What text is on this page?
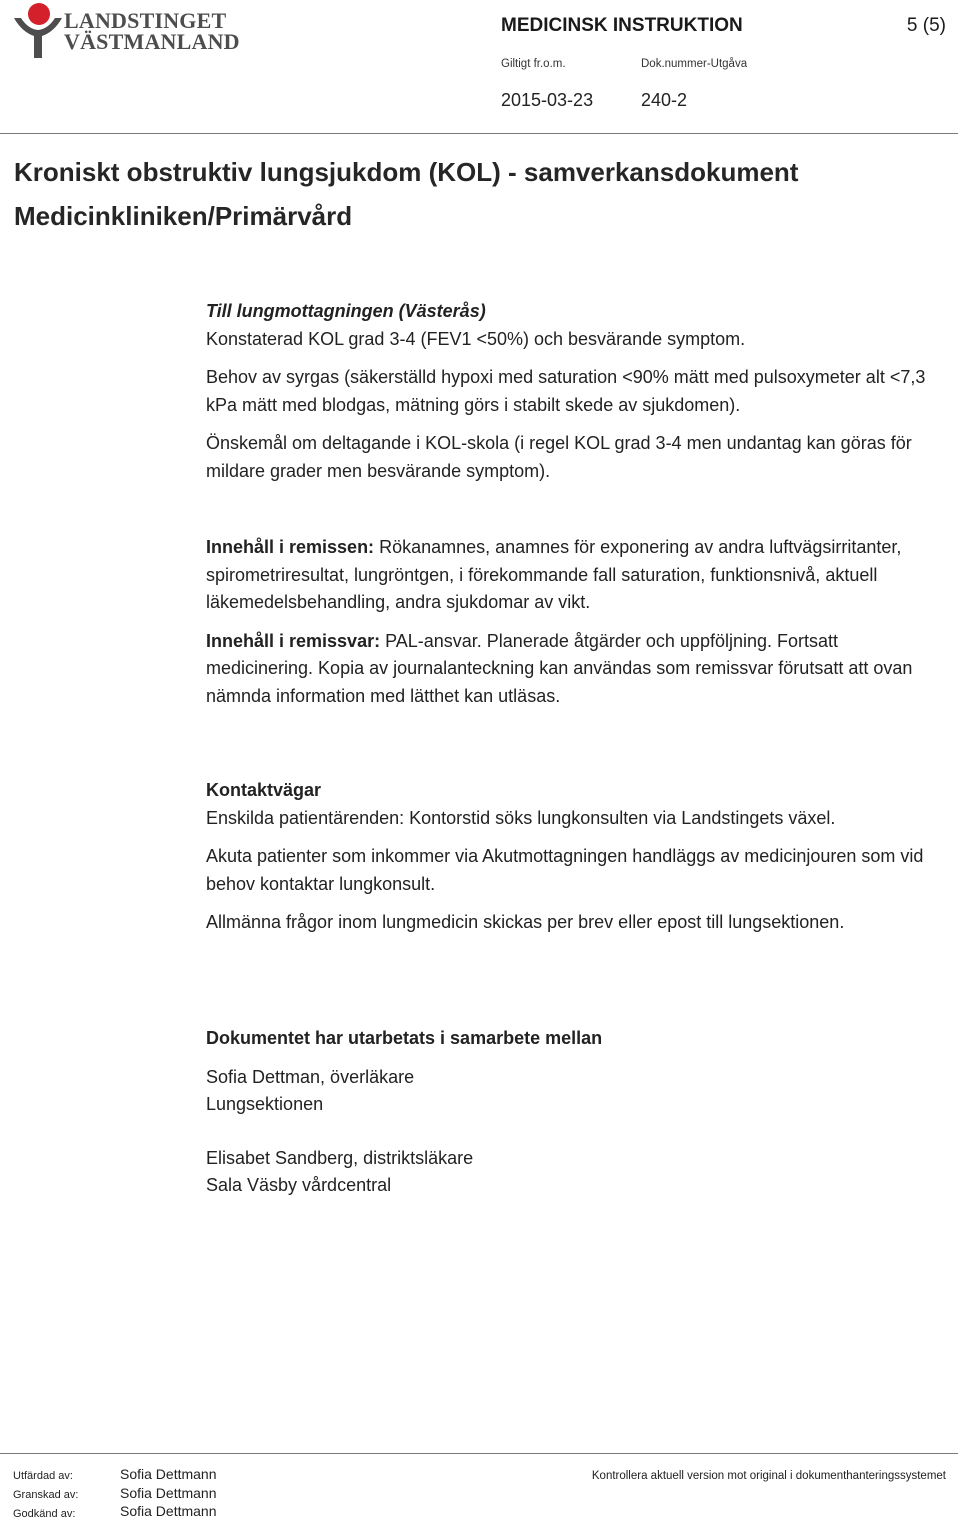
LANDSTINGET
VÄSTMANLAND
MEDICINSK INSTRUKTION	5 (5)
Giltigt fr.o.m.	Dok.nummer-Utgåva
2015-03-23	240-2
Kroniskt obstruktiv lungsjukdom (KOL) - samverkansdokument
Medicinkliniken/Primärvård
Till lungmottagningen (Västerås)

Konstaterad KOL grad 3-4 (FEV1 <50%) och besvärande symptom.

Behov av syrgas (säkerställd hypoxi med saturation <90% mätt med pulsoxymeter alt <7,3 kPa mätt med blodgas, mätning görs i stabilt skede av sjukdomen).

Önskemål om deltagande i KOL-skola (i regel KOL grad 3-4 men undantag kan göras för mildare grader men besvärande symptom).

Innehåll i remissen: Rökanamnes, anamnes för exponering av andra luftvägsirritanter, spirometriresultat, lungröntgen, i förekommande fall saturation, funktionsnivå, aktuell läkemedelsbehandling, andra sjukdomar av vikt.

Innehåll i remissvar: PAL-ansvar. Planerade åtgärder och uppföljning. Fortsatt medicinering. Kopia av journalanteckning kan användas som remissvar förutsatt att ovan nämnda information med lätthet kan utläsas.

Kontaktvägar

Enskilda patientärenden: Kontorstid söks lungkonsulten via Landstingets växel.

Akuta patienter som inkommer via Akutmottagningen handläggs av medicinjouren som vid behov kontaktar lungkonsult.

Allmänna frågor inom lungmedicin skickas per brev eller epost till lungsektionen.

Dokumentet har utarbetats i samarbete mellan

Sofia Dettman, överläkare
Lungsektionen
Elisabet Sandberg, distriktsläkare
Sala Väsby vårdcentral
Utfärdad av:	Sofia Dettmann
Granskad av:	Sofia Dettmann
Godkänd av:	Sofia Dettmann
Kontrollera aktuell version mot original i dokumenthanteringssystemet
